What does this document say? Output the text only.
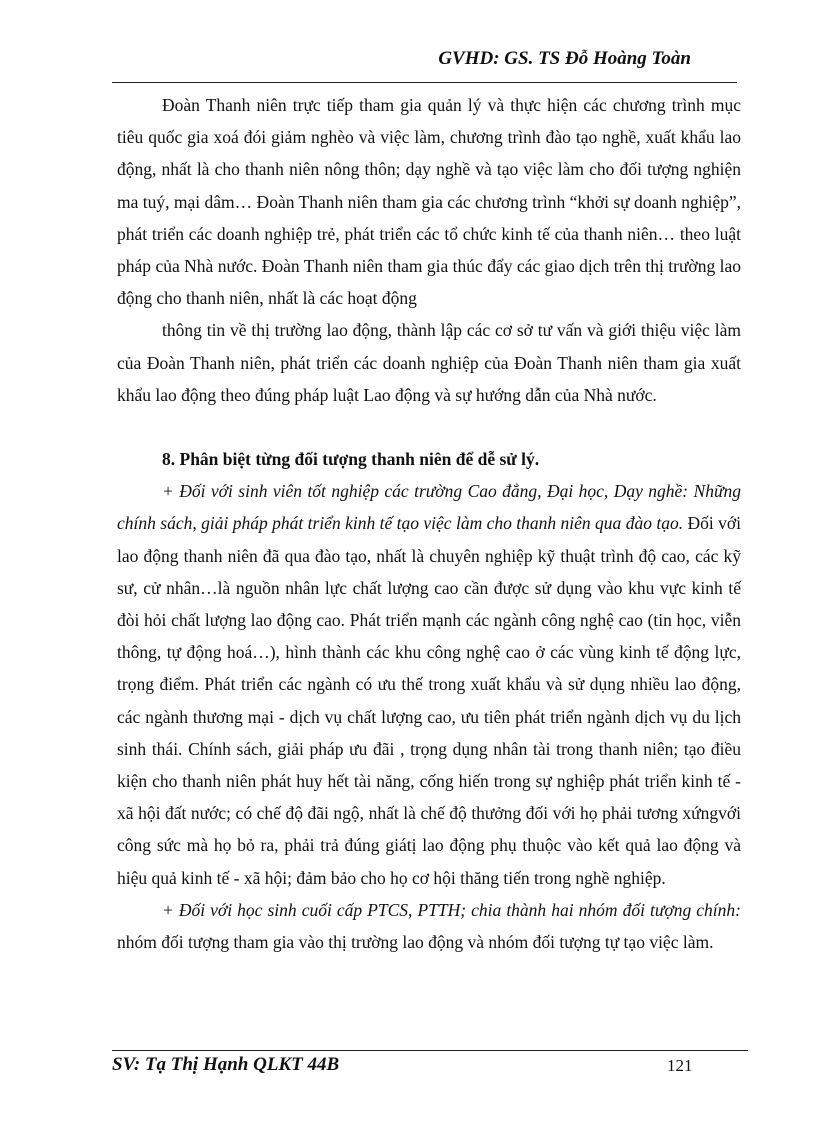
GVHD: GS. TS Đỗ Hoàng Toàn

Đoàn Thanh niên trực tiếp tham gia quản lý và thực hiện các chương trình mục tiêu quốc gia xoá đói giảm nghèo và việc làm, chương trình đào tạo nghề, xuất khẩu lao động, nhất là cho thanh niên nông thôn; dạy nghề và tạo việc làm cho đối tượng nghiện ma tuý, mại dâm… Đoàn Thanh niên tham gia các chương trình “khởi sự doanh nghiệp”, phát triển các doanh nghiệp trẻ, phát triển các tổ chức kinh tế của thanh niên… theo luật pháp của Nhà nước. Đoàn Thanh niên tham gia thúc đẩy các giao dịch trên thị trường lao động cho thanh niên, nhất là các hoạt động

thông tin về thị trường lao động, thành lập các cơ sở tư vấn và giới thiệu việc làm của Đoàn Thanh niên, phát triển các doanh nghiệp của Đoàn Thanh niên tham gia xuất khẩu lao động theo đúng pháp luật Lao động và sự hướng dẫn của Nhà nước.

8. Phân biệt từng đối tượng thanh niên để dễ sử lý.

+ Đối với sinh viên tốt nghiệp các trường Cao đẳng, Đại học, Dạy nghề: Những chính sách, giải pháp phát triển kinh tế tạo việc làm cho thanh niên qua đào tạo. Đối với lao động thanh niên đã qua đào tạo, nhất là chuyên nghiệp kỹ thuật trình độ cao, các kỹ sư, cử nhân…là nguồn nhân lực chất lượng cao cần được sử dụng vào khu vực kinh tế đòi hỏi chất lượng lao động cao. Phát triển mạnh các ngành công nghệ cao (tin học, viễn thông, tự động hoá…), hình thành các khu công nghệ cao ở các vùng kinh tế động lực, trọng điểm. Phát triển các ngành có ưu thế trong xuất khẩu và sử dụng nhiều lao động, các ngành thương mại - dịch vụ chất lượng cao, ưu tiên phát triển ngành dịch vụ du lịch sinh thái. Chính sách, giải pháp ưu đãi , trọng dụng nhân tài trong thanh niên; tạo điều kiện cho thanh niên phát huy hết tài năng, cống hiến trong sự nghiệp phát triển kinh tế - xã hội đất nước; có chế độ đãi ngộ, nhất là chế độ thưởng đối với họ phải tương xứngvới công sức mà họ bỏ ra, phải trả đúng giátị lao động phụ thuộc vào kết quả lao động và hiệu quả kinh tế - xã hội; đảm bảo cho họ cơ hội thăng tiến trong nghề nghiệp.

+ Đối với học sinh cuối cấp PTCS, PTTH; chia thành hai nhóm đối tượng chính: nhóm đối tượng tham gia vào thị trường lao động và nhóm đối tượng tự tạo việc làm.

SV: Tạ Thị Hạnh QLKT 44B	121
